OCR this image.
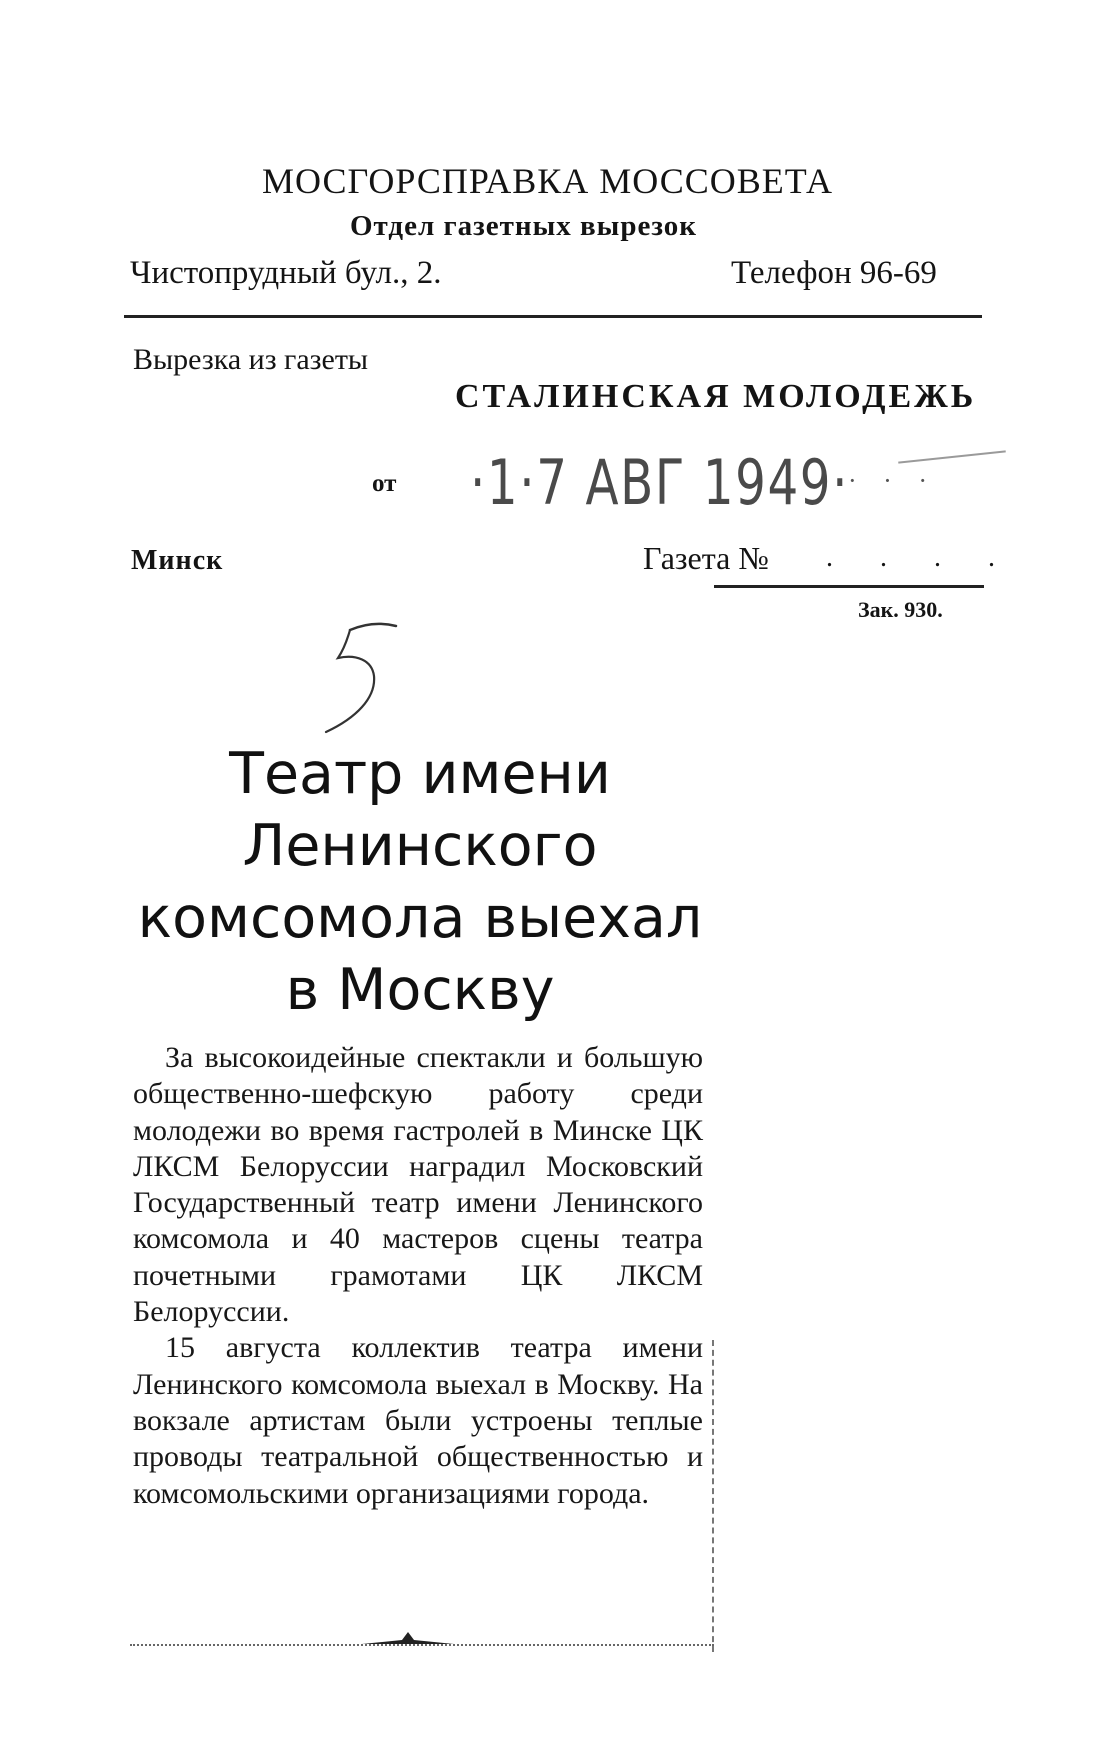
МОСГОРСПРАВКА МОССОВЕТА
Отдел газетных вырезок
Чистопрудный бул., 2.	Телефон 96-69
Вырезка из газеты
СТАЛИНСКАЯ МОЛОДЕЖЬ
от ·1·7 АВГ 1949·
· · ·
Минск	Газета № . . . .
Зак. 930.
Театр имени
Ленинского
комсомола выехал
в Москву

За высокоидейные спектакли и большую общественно-шефскую работу среди молодежи во время гастролей в Минске ЦК ЛКСМ Белоруссии наградил Московский Государственный театр имени Ленинского комсомола и 40 мастеров сцены театра почетными грамотами ЦК ЛКСМ Белоруссии.

15 августа коллектив театра имени Ленинского комсомола выехал в Москву. На вокзале артистам были устроены теплые проводы театральной общественностью и комсомольскими организациями города.
